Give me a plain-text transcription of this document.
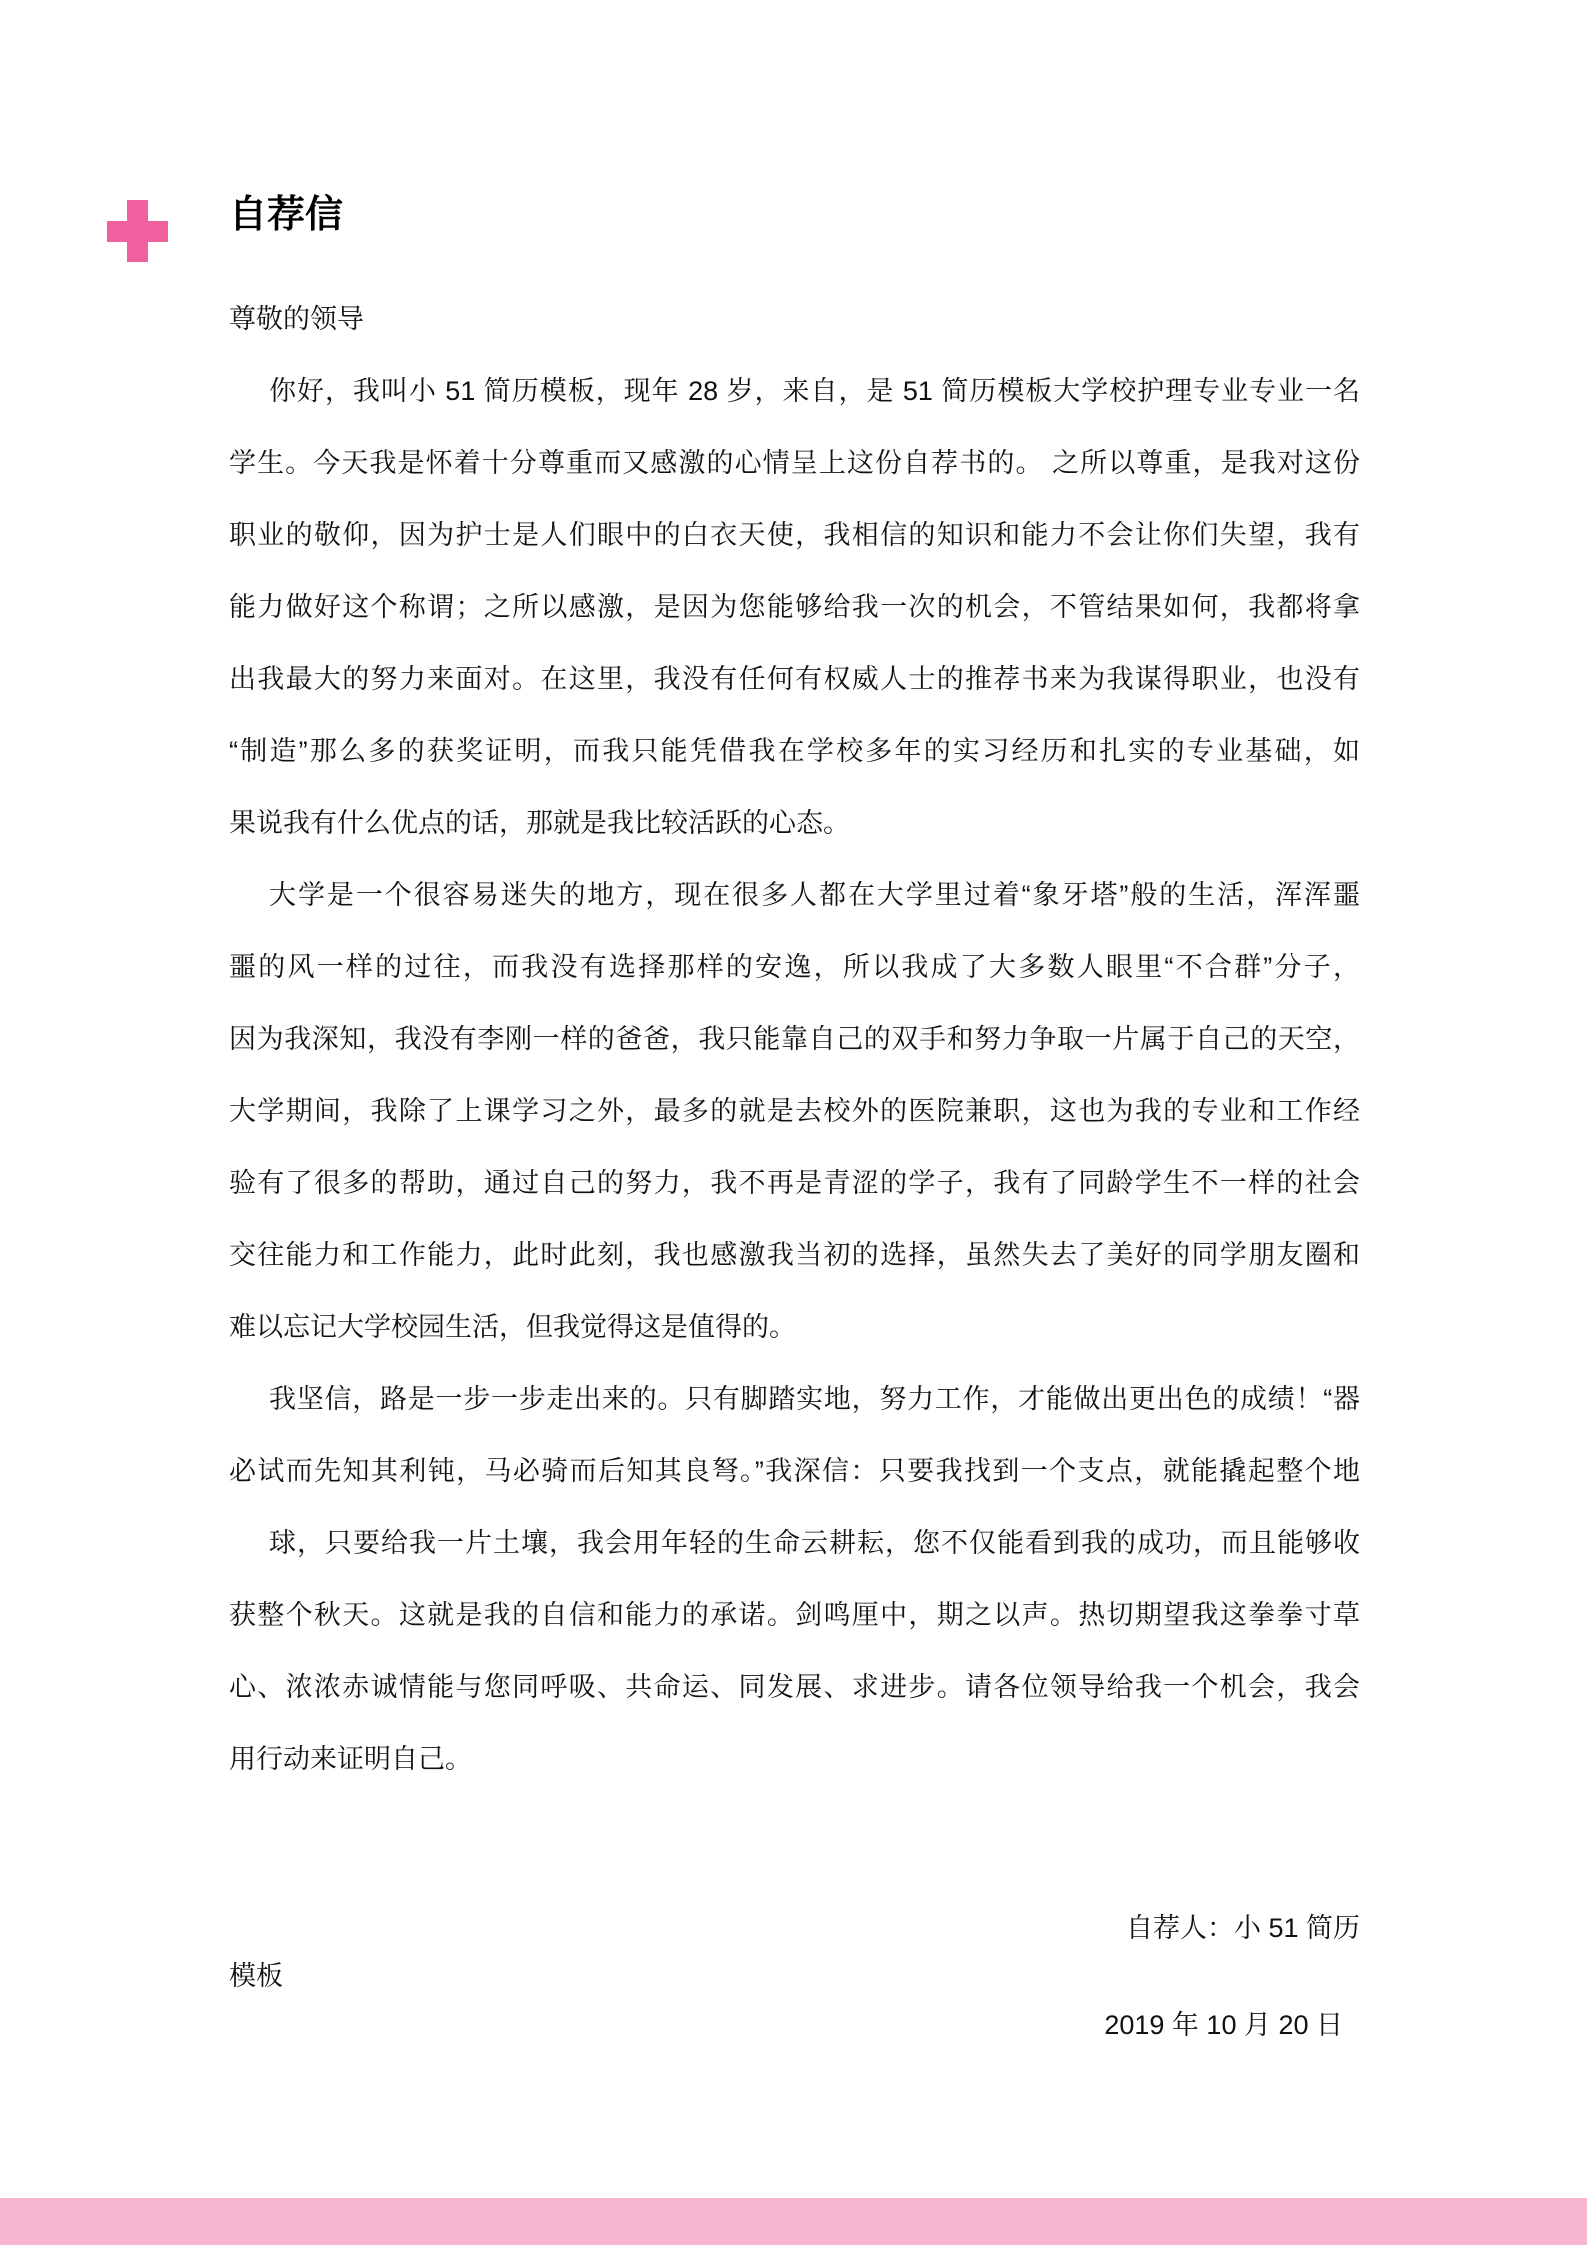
自荐信
尊敬的领导
你好，我叫小 51 简历模板，现年 28 岁，来自，是 51 简历模板大学校护理专业专业一名
学生。今天我是怀着十分尊重而又感激的心情呈上这份自荐书的。 之所以尊重，是我对这份
职业的敬仰，因为护士是人们眼中的白衣天使，我相信的知识和能力不会让你们失望，我有
能力做好这个称谓；之所以感激，是因为您能够给我一次的机会，不管结果如何，我都将拿
出我最大的努力来面对。在这里，我没有任何有权威人士的推荐书来为我谋得职业，也没有
“制造”那么多的获奖证明，而我只能凭借我在学校多年的实习经历和扎实的专业基础，如
果说我有什么优点的话，那就是我比较活跃的心态。
大学是一个很容易迷失的地方，现在很多人都在大学里过着“象牙塔”般的生活，浑浑噩
噩的风一样的过往，而我没有选择那样的安逸，所以我成了大多数人眼里“不合群”分子，
因为我深知，我没有李刚一样的爸爸，我只能靠自己的双手和努力争取一片属于自己的天空，
大学期间，我除了上课学习之外，最多的就是去校外的医院兼职，这也为我的专业和工作经
验有了很多的帮助，通过自己的努力，我不再是青涩的学子，我有了同龄学生不一样的社会
交往能力和工作能力，此时此刻，我也感激我当初的选择，虽然失去了美好的同学朋友圈和
难以忘记大学校园生活，但我觉得这是值得的。
我坚信，路是一步一步走出来的。只有脚踏实地，努力工作，才能做出更出色的成绩！“器
必试而先知其利钝，马必骑而后知其良弩。”我深信：只要我找到一个支点，就能撬起整个地
球，只要给我一片土壤，我会用年轻的生命云耕耘，您不仅能看到我的成功，而且能够收
获整个秋天。这就是我的自信和能力的承诺。剑鸣厘中，期之以声。热切期望我这拳拳寸草
心、浓浓赤诚情能与您同呼吸、共命运、同发展、求进步。请各位领导给我一个机会，我会
用行动来证明自己。
自荐人：小 51 简历
模板
2019 年 10 月 20 日
